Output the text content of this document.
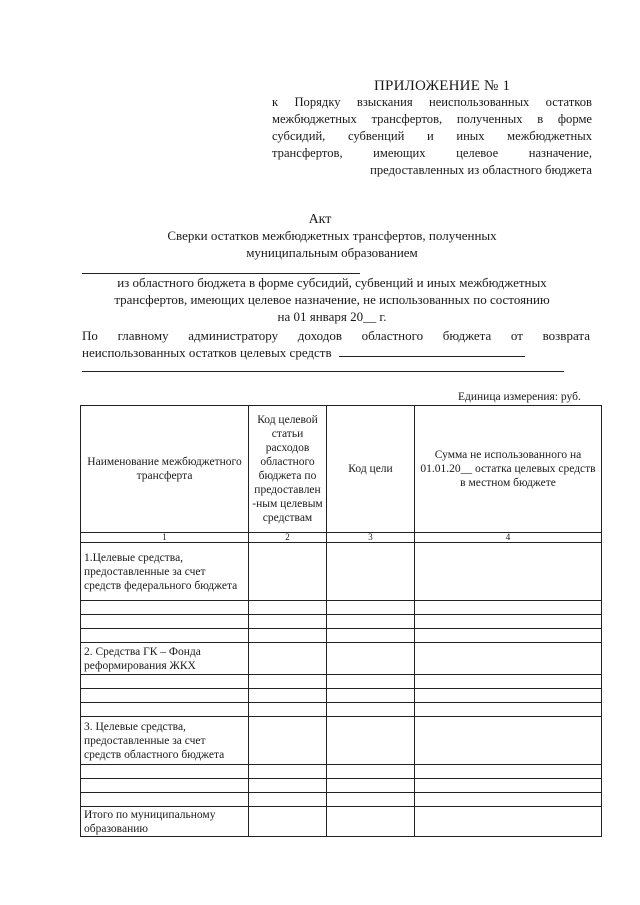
ПРИЛОЖЕНИЕ № 1
к Порядку взыскания неиспользованных остатков
межбюджетных трансфертов, полученных в форме
субсидий, субвенций и иных межбюджетных
трансфертов, имеющих целевое назначение,
предоставленных из областного бюджета
Акт
Сверки остатков межбюджетных трансфертов, полученных
муниципальным образованием
из областного бюджета в форме субсидий, субвенций и иных межбюджетных
трансфертов, имеющих целевое назначение, не использованных по состоянию
на 01 января 20__ г.
По главному администратору доходов областного бюджета от возврата
неиспользованных остатков целевых средств
Единица измерения: руб.
Наименование межбюджетного трансферта	Код целевой статьи расходов областного бюджета по предоставлен -ным целевым средствам	Код цели	Сумма не использованного на 01.01.20__ остатка целевых средств в местном бюджете
1	2	3	4
1.Целевые средства, предоставленные за счет средств федерального бюджета			

2. Средства ГК – Фонда реформирования ЖКХ			

3. Целевые средства, предоставленные за счет средств областного бюджета			

Итого по муниципальному образованию			
